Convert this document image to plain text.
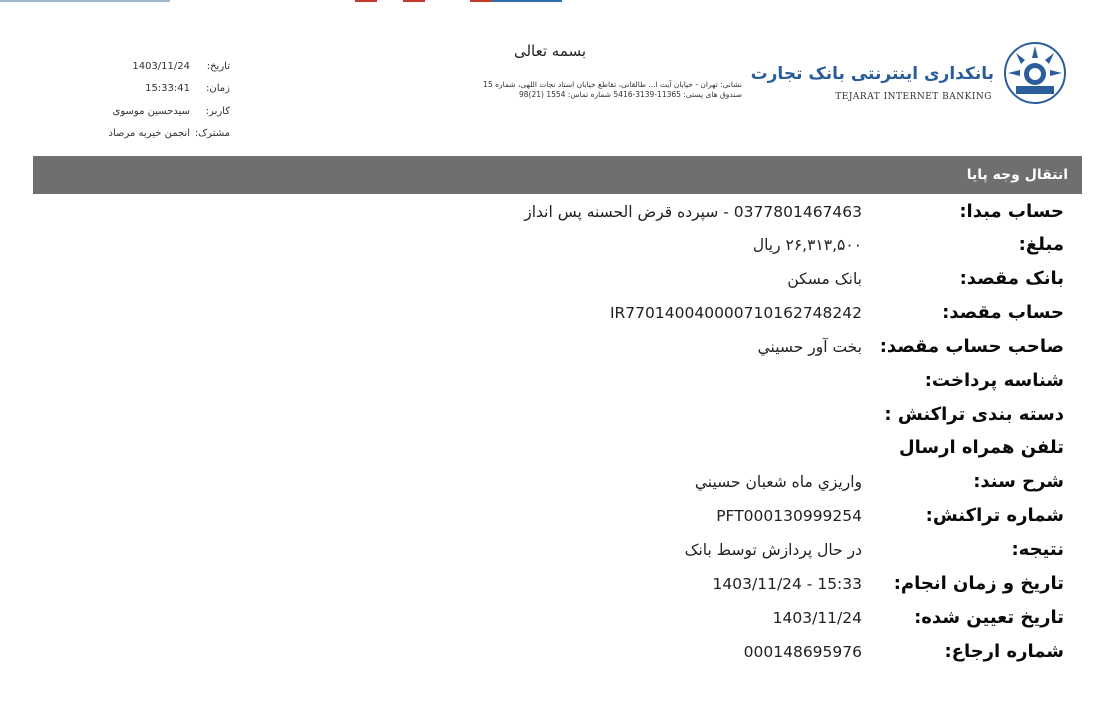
بانکداری اینترنتی بانک تجارت
TEJARAT INTERNET BANKING
بسمه تعالی
نشانی: تهران - خیابان آیت ا... طالقانی، تقاطع خیابان استاد نجات اللهی، شماره 15
صندوق های پستی: 11365-3139-5416 شماره تماس: 1554 (21)98
تاریخ:
1403/11/24
زمان:
15:33:41
کاربر:
سیدحسین موسوی
مشترک:
انجمن خیریه مرصاد
انتقال وجه پایا
حساب مبدا:
0377801467463 - سپرده قرض الحسنه پس انداز
مبلغ:
۲۶,۳۱۳,۵۰۰ ریال
بانک مقصد:
بانک مسکن
حساب مقصد:
IR770140040000710162748242
صاحب حساب مقصد:
بخت آور حسيني
شناسه پرداخت:
دسته بندی تراکنش :
تلفن همراه ارسال
شرح سند:
واريزي ماه شعبان حسيني
شماره تراکنش:
PFT000130999254
نتیجه:
در حال پردازش توسط بانک
تاریخ و زمان انجام:
1403/11/24 - 15:33
تاریخ تعیین شده:
1403/11/24
شماره ارجاع:
000148695976
